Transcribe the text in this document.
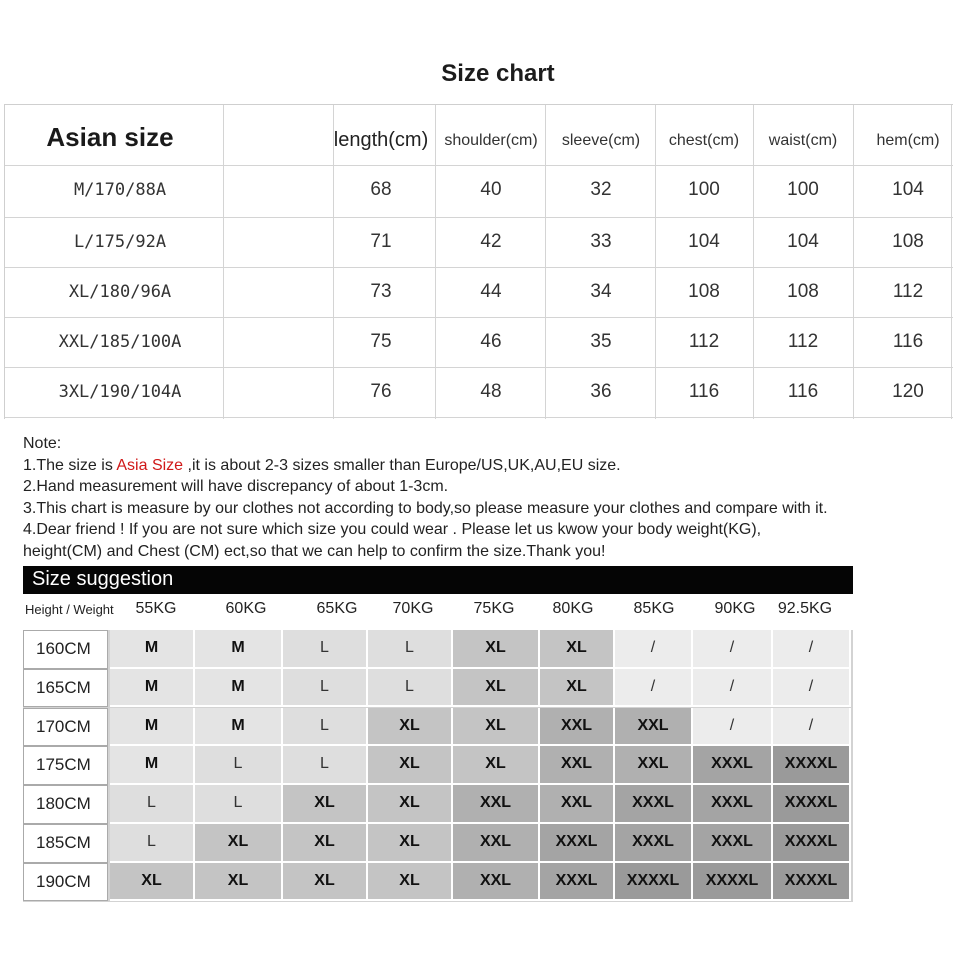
Size chart
Asian size	length(cm)	shoulder(cm)	sleeve(cm)	chest(cm)	waist(cm)	hem(cm)
M/170/88A	68	40	32	100	100	104
L/175/92A	71	42	33	104	104	108
XL/180/96A	73	44	34	108	108	112
XXL/185/100A	75	46	35	112	112	116
3XL/190/104A	76	48	36	116	116	120
Note:
1.The size is Asia Size ,it is about 2-3 sizes smaller than Europe/US,UK,AU,EU size.
2.Hand measurement will have discrepancy of about 1-3cm.
3.This chart is measure by our clothes not according to body,so please measure your clothes and compare with it.
4.Dear friend ! If you are not sure which size you could wear . Please let us kwow your body weight(KG),
height(CM) and Chest (CM) ect,so that we can help to confirm the size.Thank you!
Size suggestion
Height / Weight	55KG	60KG	65KG	70KG	75KG	80KG	85KG	90KG	92.5KG
160CM	M	M	L	L	XL	XL	/	/	/
165CM	M	M	L	L	XL	XL	/	/	/
170CM	M	M	L	XL	XL	XXL	XXL	/	/
175CM	M	L	L	XL	XL	XXL	XXL	XXXL	XXXXL
180CM	L	L	XL	XL	XXL	XXL	XXXL	XXXL	XXXXL
185CM	L	XL	XL	XL	XXL	XXXL	XXXL	XXXL	XXXXL
190CM	XL	XL	XL	XL	XXL	XXXL	XXXXL	XXXXL	XXXXL
